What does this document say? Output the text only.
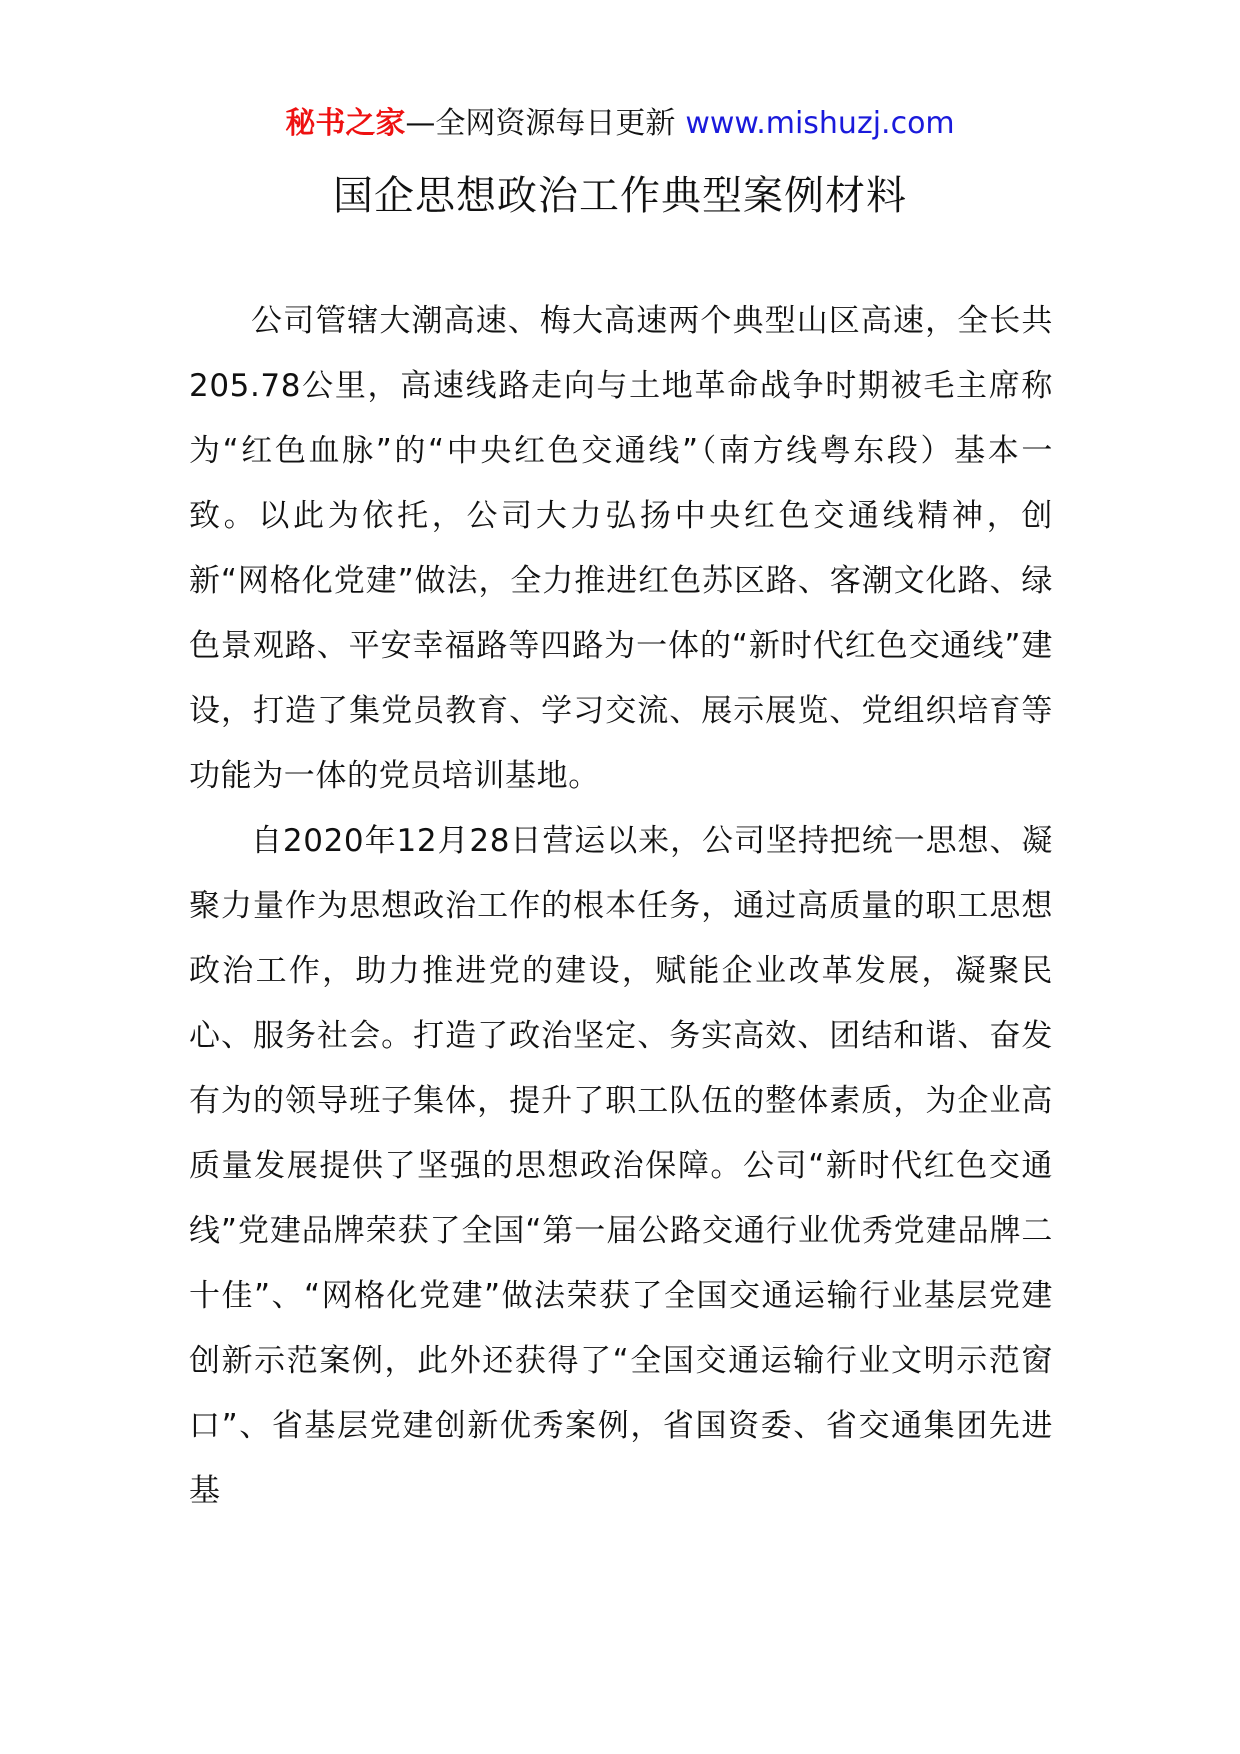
秘书之家—全网资源每日更新 www.mishuzj.com
国企思想政治工作典型案例材料

公司管辖大潮高速、梅大高速两个典型山区高速，全长共205.78公里，高速线路走向与土地革命战争时期被毛主席称为“红色血脉”的“中央红色交通线”（南方线粤东段）基本一致。以此为依托，公司大力弘扬中央红色交通线精神，创新“网格化党建”做法，全力推进红色苏区路、客潮文化路、绿色景观路、平安幸福路等四路为一体的“新时代红色交通线”建设，打造了集党员教育、学习交流、展示展览、党组织培育等功能为一体的党员培训基地。

自2020年12月28日营运以来，公司坚持把统一思想、凝聚力量作为思想政治工作的根本任务，通过高质量的职工思想政治工作，助力推进党的建设，赋能企业改革发展，凝聚民心、服务社会。打造了政治坚定、务实高效、团结和谐、奋发有为的领导班子集体，提升了职工队伍的整体素质，为企业高质量发展提供了坚强的思想政治保障。公司“新时代红色交通线”党建品牌荣获了全国“第一届公路交通行业优秀党建品牌二十佳”、“网格化党建”做法荣获了全国交通运输行业基层党建创新示范案例，此外还获得了“全国交通运输行业文明示范窗口”、省基层党建创新优秀案例，省国资委、省交通集团先进基
